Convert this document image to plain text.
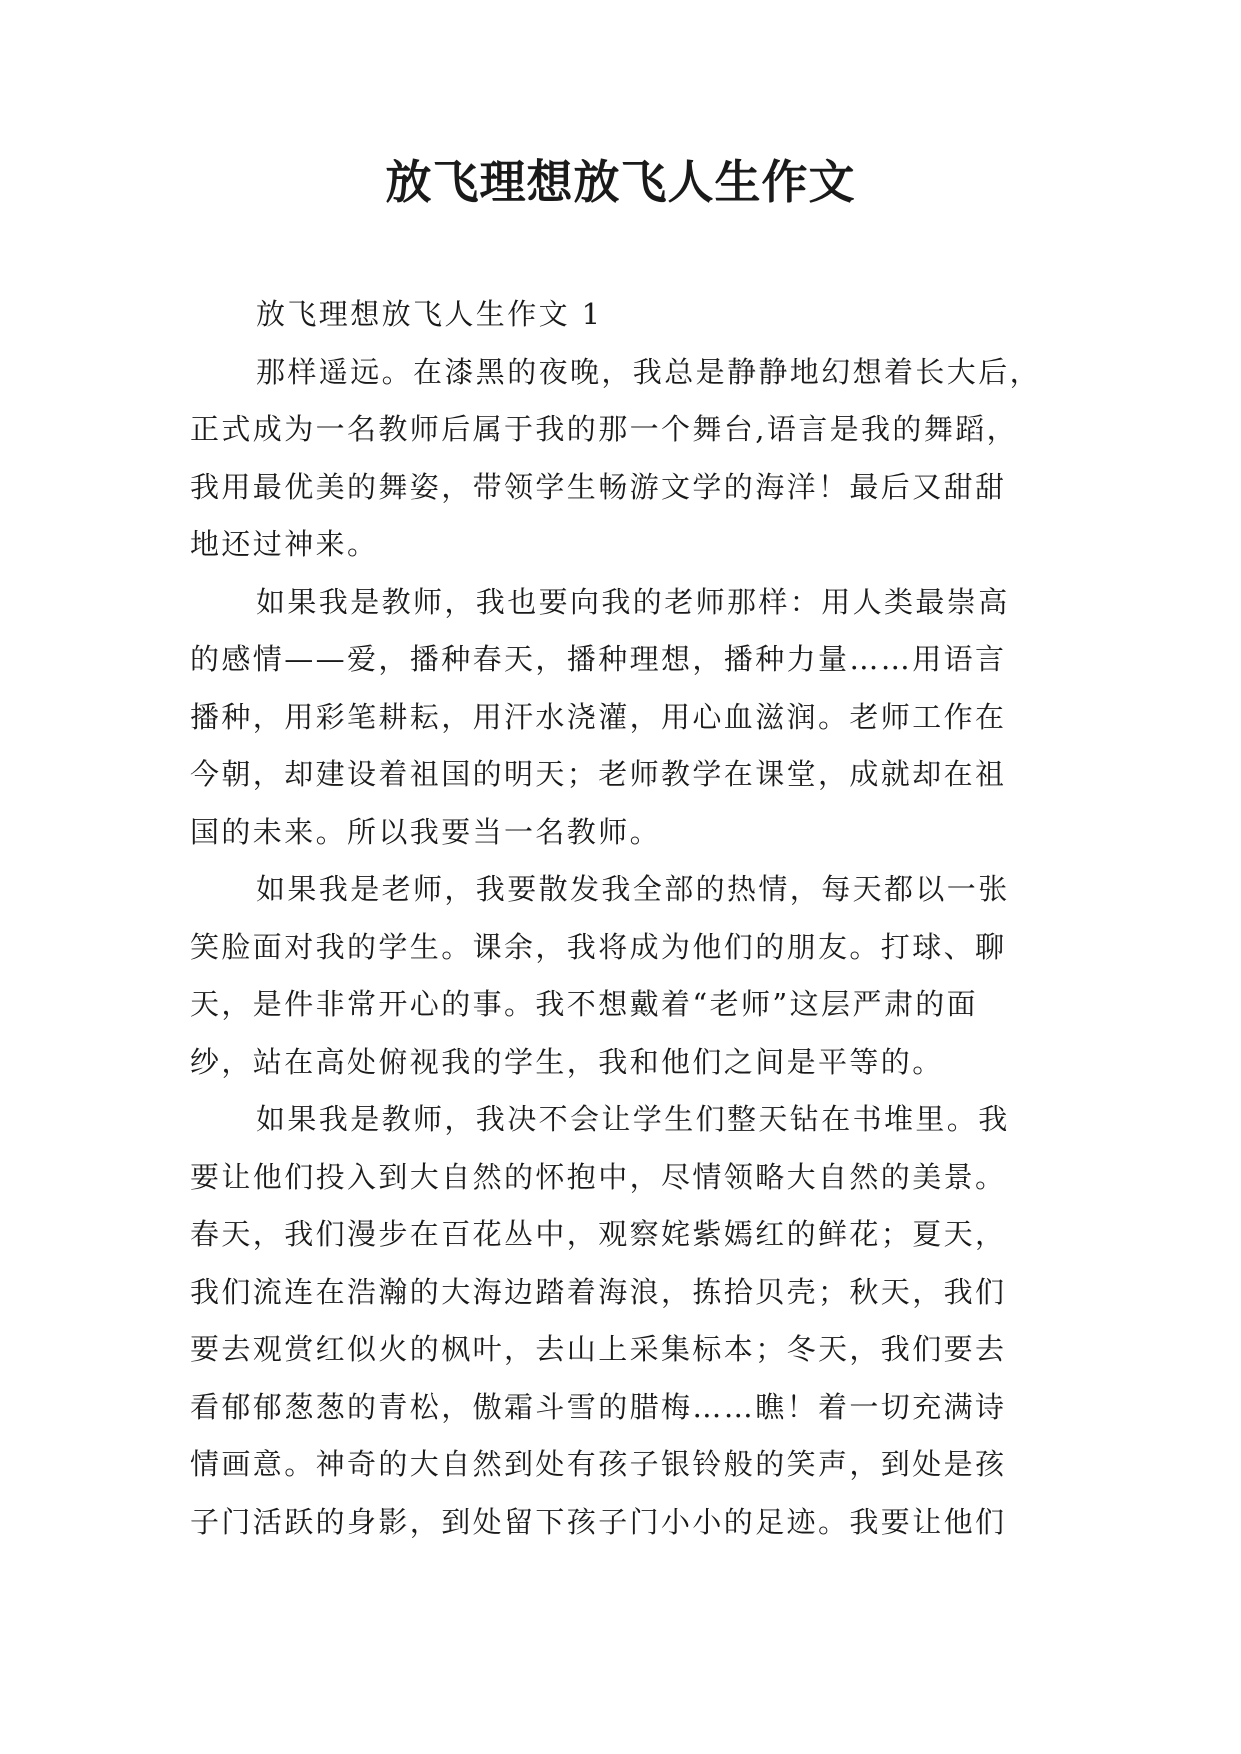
放飞理想放飞人生作文
放飞理想放飞人生作文 1
那样遥远。在漆黑的夜晚，我总是静静地幻想着长大后，
正式成为一名教师后属于我的那一个舞台,语言是我的舞蹈，
我用最优美的舞姿，带领学生畅游文学的海洋！最后又甜甜
地还过神来。
如果我是教师，我也要向我的老师那样：用人类最崇高
的感情——爱，播种春天，播种理想，播种力量……用语言
播种，用彩笔耕耘，用汗水浇灌，用心血滋润。老师工作在
今朝，却建设着祖国的明天；老师教学在课堂，成就却在祖
国的未来。所以我要当一名教师。
如果我是老师，我要散发我全部的热情，每天都以一张
笑脸面对我的学生。课余，我将成为他们的朋友。打球、聊
天，是件非常开心的事。我不想戴着“老师”这层严肃的面
纱，站在高处俯视我的学生，我和他们之间是平等的。
如果我是教师，我决不会让学生们整天钻在书堆里。我
要让他们投入到大自然的怀抱中，尽情领略大自然的美景。
春天，我们漫步在百花丛中，观察姹紫嫣红的鲜花；夏天，
我们流连在浩瀚的大海边踏着海浪，拣拾贝壳；秋天，我们
要去观赏红似火的枫叶，去山上采集标本；冬天，我们要去
看郁郁葱葱的青松，傲霜斗雪的腊梅……瞧！着一切充满诗
情画意。神奇的大自然到处有孩子银铃般的笑声，到处是孩
子门活跃的身影，到处留下孩子门小小的足迹。我要让他们
